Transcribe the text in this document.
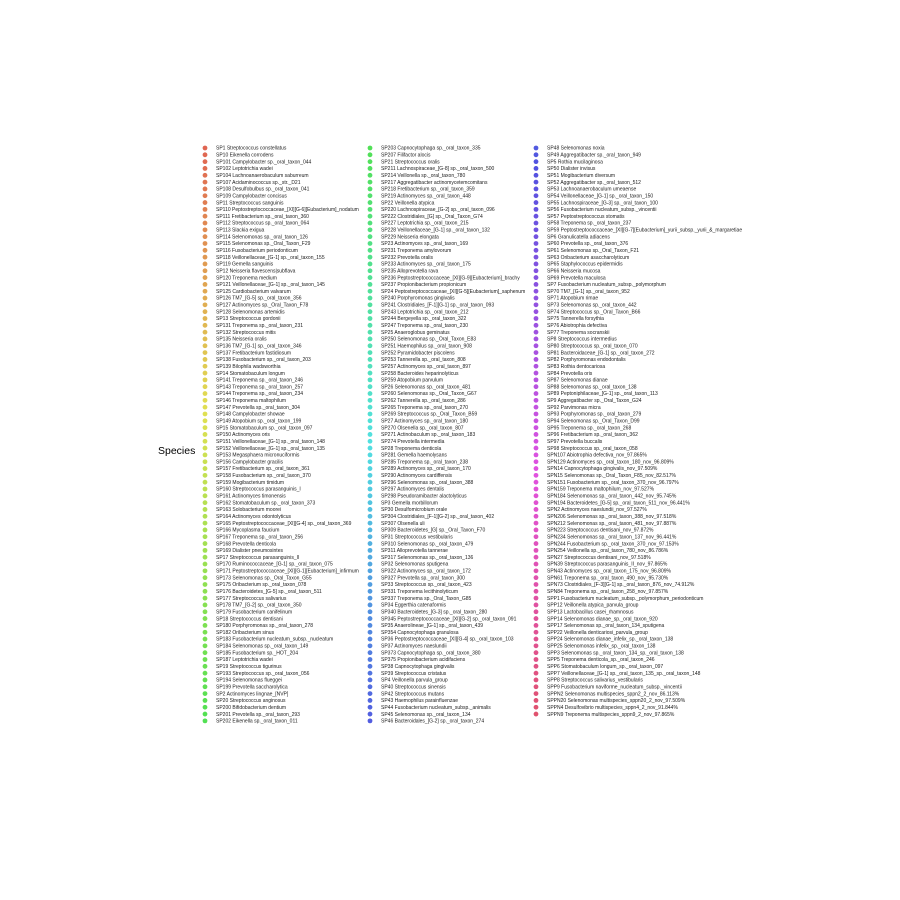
Species
SP1 Streptococcus constellatus
SP10 Eikenella corrodens
SP101 Campylobacter sp._oral_taxon_044
SP102 Leptotrichia wadei
SP104 Lachnoanaerobaculum saburreum
SP107 Acidaminococcus sp._str._D21
SP108 Desulfobulbus sp._oral_taxon_041
SP109 Campylobacter concisus
SP11 Streptococcus sanguinis
SP110 Peptostreptococcaceae_[XI][G-6][Eubacterium]_nodatum
SP111 Fretibacterium sp._oral_taxon_360
SP112 Streptococcus sp._oral_taxon_064
SP113 Slackia exigua
SP114 Selenomonas sp._oral_taxon_126
SP115 Selenomonas sp._Oral_Taxon_F29
SP116 Fusobacterium periodonticum
SP118 Veillonellaceae_[G-1] sp._oral_taxon_155
SP119 Gemella sanguinis
SP12 Neisseria flavescens|subflava
SP120 Treponema medium
SP121 Veillonellaceae_[G-1] sp._oral_taxon_145
SP125 Cardiobacterium valvarum
SP126 TM7_[G-5] sp._oral_taxon_356
SP127 Actinomyces sp._Oral_Taxon_F78
SP128 Selenomonas artemidis
SP13 Streptococcus gordonii
SP131 Treponema sp._oral_taxon_231
SP132 Streptococcus mitis
SP135 Neisseria oralis
SP136 TM7_[G-1] sp._oral_taxon_346
SP137 Fretibacterium fastidiosum
SP138 Fusobacterium sp._oral_taxon_203
SP139 Bilophila wadsworthia
SP14 Stomatobaculum longum
SP141 Treponema sp._oral_taxon_246
SP143 Treponema sp._oral_taxon_257
SP144 Treponema sp._oral_taxon_234
SP146 Treponema maltophilum
SP147 Prevotella sp._oral_taxon_304
SP148 Campylobacter showae
SP149 Atopobium sp._oral_taxon_199
SP15 Stomatobaculum sp._oral_taxon_097
SP150 Actinomyces oris
SP151 Veillonellaceae_[G-1] sp._oral_taxon_148
SP152 Veillonellaceae_[G-1] sp._oral_taxon_135
SP153 Megasphaera micronuciformis
SP156 Campylobacter gracilis
SP157 Fretibacterium sp._oral_taxon_361
SP158 Fusobacterium sp._oral_taxon_370
SP159 Mogibacterium timidum
SP160 Streptococcus parasanguinis_I
SP161 Actinomyces timonensis
SP162 Stomatobaculum sp._oral_taxon_373
SP163 Solobacterium moorei
SP164 Actinomyces odontolyticus
SP165 Peptostreptococcaceae_[XI][G-4] sp._oral_taxon_369
SP166 Mycoplasma faucium
SP167 Treponema sp._oral_taxon_256
SP168 Prevotella denticola
SP169 Dialister pneumosintes
SP17 Streptococcus parasanguinis_II
SP170 Ruminococcaceae_[G-1] sp._oral_taxon_075
SP171 Peptostreptococcaceae_[XI][G-1][Eubacterium]_infirmum
SP173 Selenomonas sp._Oral_Taxon_G55
SP175 Oribacterium sp._oral_taxon_078
SP176 Bacteroidetes_[G-5] sp._oral_taxon_511
SP177 Streptococcus salivarius
SP178 TM7_[G-2] sp._oral_taxon_350
SP179 Fusobacterium canifelinum
SP18 Streptococcus dentisani
SP180 Porphyromonas sp._oral_taxon_278
SP182 Oribacterium sinus
SP183 Fusobacterium nucleatum_subsp._nucleatum
SP184 Selenomonas sp._oral_taxon_149
SP185 Fusobacterium sp._HOT_204
SP187 Leptotrichia wadei
SP19 Streptococcus tigurinus
SP193 Streptococcus sp._oral_taxon_056
SP194 Selenomonas flueggei
SP199 Prevotella saccharolytica
SP2 Actinomyces lingnae_[NVP]
SP20 Streptococcus anginosus
SP200 Bifidobacterium dentium
SP201 Prevotella sp._oral_taxon_293
SP202 Eikenella sp._oral_taxon_011
SP203 Capnocytophaga sp._oral_taxon_335
SP207 Filifactor alocis
SP21 Streptococcus oralis
SP211 Lachnospiraceae_[G-8] sp._oral_taxon_500
SP214 Veillonella sp._oral_taxon_780
SP217 Aggregatibacter actinomycetemcomitans
SP218 Fretibacterium sp._oral_taxon_359
SP219 Actinomyces sp._oral_taxon_448
SP22 Veillonella atypica
SP220 Lachnospiraceae_[G-2] sp._oral_taxon_096
SP222 Clostridiales_[G] sp._Oral_Taxon_G74
SP227 Leptotrichia sp._oral_taxon_215
SP228 Veillonellaceae_[G-1] sp._oral_taxon_132
SP229 Neisseria elongata
SP23 Actinomyces sp._oral_taxon_169
SP231 Treponema amylovorum
SP232 Prevotella oralis
SP233 Actinomyces sp._oral_taxon_175
SP235 Alloprevotella rava
SP236 Peptostreptococcaceae_[XI][G-9][Eubacterium]_brachy
SP237 Propionibacterium propionicum
SP24 Peptostreptococcaceae_[XI][G-5][Eubacterium]_saphenum
SP240 Porphyromonas gingivalis
SP241 Clostridiales_[F-1][G-1] sp._oral_taxon_093
SP243 Leptotrichia sp._oral_taxon_212
SP244 Bergeyella sp._oral_taxon_322
SP247 Treponema sp._oral_taxon_230
SP25 Anaeroglobus geminatus
SP250 Selenomonas sp._Oral_Taxon_E83
SP251 Haemophilus sp._oral_taxon_908
SP252 Pyramidobacter piscolens
SP253 Tannerella sp._oral_taxon_808
SP257 Actinomyces sp._oral_taxon_897
SP258 Bacteroides heparinolyticus
SP259 Atopobium parvulum
SP26 Selenomonas sp._oral_taxon_481
SP260 Selenomonas sp._Oral_Taxon_G67
SP262 Tannerella sp._oral_taxon_286
SP265 Treponema sp._oral_taxon_270
SP269 Streptococcus sp._Oral_Taxon_B59
SP27 Actinomyces sp._oral_taxon_180
SP270 Olsenella sp._oral_taxon_807
SP271 Actinobaculum sp._oral_taxon_183
SP274 Prevotella intermedia
SP28 Treponema denticola
SP281 Gemella haemolysans
SP285 Treponema sp._oral_taxon_238
SP289 Actinomyces sp._oral_taxon_170
SP290 Actinomyces cardiffensis
SP296 Selenomonas sp._oral_taxon_388
SP297 Actinomyces dentalis
SP298 Pseudoramibacter alactolyticus
SP3 Gemella morbillorum
SP30 Desulfomicrobium orale
SP304 Clostridiales_[F-1][G-2] sp._oral_taxon_402
SP307 Olsenella uli
SP309 Bacteroidetes_[G] sp._Oral_Taxon_F70
SP31 Streptococcus vestibularis
SP310 Selenomonas sp._oral_taxon_479
SP311 Alloprevotella tannerae
SP317 Selenomonas sp._oral_taxon_136
SP32 Selenomonas sputigena
SP322 Actinomyces sp._oral_taxon_172
SP327 Prevotella sp._oral_taxon_300
SP33 Streptococcus sp._oral_taxon_423
SP331 Treponema lecithinolyticum
SP337 Treponema sp._Oral_Taxon_G85
SP34 Eggerthia catenaformis
SP340 Bacteroidetes_[G-3] sp._oral_taxon_280
SP345 Peptostreptococcaceae_[XI][G-2] sp._oral_taxon_091
SP35 Anaerolineae_[G-1] sp._oral_taxon_439
SP354 Capnocytophaga granulosa
SP36 Peptostreptococcaceae_[XI][G-4] sp._oral_taxon_103
SP37 Actinomyces naeslundii
SP373 Capnocytophaga sp._oral_taxon_380
SP375 Propionibacterium acidifaciens
SP38 Capnocytophaga gingivalis
SP39 Streptococcus cristatus
SP4 Veillonella parvula_group
SP40 Streptococcus sinensis
SP42 Streptococcus mutans
SP43 Haemophilus parainfluenzae
SP44 Fusobacterium nucleatum_subsp._animalis
SP45 Selenomonas sp._oral_taxon_134
SP46 Bacteroidales_[G-2] sp._oral_taxon_274
SP48 Selenomonas noxia
SP49 Aggregatibacter sp._oral_taxon_949
SP5 Rothia mucilaginosa
SP50 Dialister invisus
SP51 Mogibacterium diversum
SP52 Aggregatibacter sp._oral_taxon_512
SP53 Lachnoanaerobaculum umeaense
SP54 Veillonellaceae_[G-1] sp._oral_taxon_150
SP55 Lachnospiraceae_[G-3] sp._oral_taxon_100
SP56 Fusobacterium nucleatum_subsp._vincentii
SP57 Peptostreptococcus stomatis
SP58 Treponema sp._oral_taxon_237
SP59 Peptostreptococcaceae_[XI][G-7][Eubacterium]_yurii_subsp._yurii_&_margaretiae
SP6 Granulicatella adiacens
SP60 Prevotella sp._oral_taxon_376
SP61 Selenomonas sp._Oral_Taxon_F21
SP63 Oribacterium asaccharolyticum
SP65 Staphylococcus epidermidis
SP66 Neisseria mucosa
SP69 Prevotella maculosa
SP7 Fusobacterium nucleatum_subsp._polymorphum
SP70 TM7_[G-1] sp._oral_taxon_952
SP71 Atopobium rimae
SP73 Selenomonas sp._oral_taxon_442
SP74 Streptococcus sp._Oral_Taxon_B66
SP75 Tannerella forsythia
SP76 Abiotrophia defectiva
SP77 Treponema socranskii
SP8 Streptococcus intermedius
SP80 Streptococcus sp._oral_taxon_070
SP81 Bacteroidaceae_[G-1] sp._oral_taxon_272
SP82 Porphyromonas endodontalis
SP83 Rothia dentocariosa
SP84 Prevotella oris
SP87 Selenomonas dianae
SP88 Selenomonas sp._oral_taxon_138
SP89 Peptoniphilaceae_[G-1] sp._oral_taxon_113
SP9 Aggregatibacter sp._Oral_Taxon_G24
SP92 Parvimonas micra
SP93 Porphyromonas sp._oral_taxon_279
SP94 Selenomonas sp._Oral_Taxon_D99
SP95 Treponema sp._oral_taxon_268
SP96 Fretibacterium sp._oral_taxon_362
SP97 Prevotella buccalis
SP98 Streptococcus sp._oral_taxon_058
SPN107 Abiotrophia defectiva_nov_97.865%
SPN129 Actinomyces sp._oral_taxon_180_nov_96.809%
SPN14 Capnocytophaga gingivalis_nov_97.509%
SPN15 Selenomonas sp._Oral_Taxon_F85_nov_82.517%
SPN151 Fusobacterium sp._oral_taxon_370_nov_96.797%
SPN159 Treponema maltophilum_nov_97.527%
SPN184 Selenomonas sp._oral_taxon_442_nov_95.745%
SPN194 Bacteroidetes_[G-5] sp._oral_taxon_511_nov_96.441%
SPN2 Actinomyces naeslundii_nov_97.527%
SPN206 Selenomonas sp._oral_taxon_388_nov_97.518%
SPN212 Selenomonas sp._oral_taxon_481_nov_97.887%
SPN223 Streptococcus dentisani_nov_97.872%
SPN234 Selenomonas sp._oral_taxon_137_nov_96.441%
SPN244 Fusobacterium sp._oral_taxon_370_nov_97.153%
SPN254 Veillonella sp._oral_taxon_780_nov_86.786%
SPN27 Streptococcus dentisani_nov_97.518%
SPN39 Streptococcus parasanguinis_II_nov_97.865%
SPN43 Actinomyces sp._oral_taxon_175_nov_96.809%
SPN61 Treponema sp._oral_taxon_490_nov_95.730%
SPN73 Clostridiales_[F-3][G-1] sp._oral_taxon_876_nov_74.912%
SPN84 Treponema sp._oral_taxon_258_nov_97.857%
SPP1 Fusobacterium nucleatum_subsp._polymorphum_periodonticum
SPP12 Veillonella atypica_parvula_group
SPP13 Lactobacillus casei_rhamnosus
SPP14 Selenomonas dianae_sp._oral_taxon_920
SPP17 Selenomonas sp._oral_taxon_134_sputigena
SPP22 Veillonella denticariosi_parvula_group
SPP24 Selenomonas dianae_infelix_sp._oral_taxon_138
SPP25 Selenomonas infelix_sp._oral_taxon_138
SPP3 Selenomonas sp._oral_taxon_134_sp._oral_taxon_138
SPP5 Treponema denticola_sp._oral_taxon_246
SPP6 Stomatobaculum longum_sp._oral_taxon_097
SPP7 Veillonellaceae_[G-1] sp._oral_taxon_135_sp._oral_taxon_148
SPP8 Streptococcus salivarius_vestibularis
SPP9 Fusobacterium naviforme_nucleatum_subsp._vincentii
SPPN2 Selenomonas multispecies_sppn2_2_nov_86.113%
SPPN20 Selenomonas multispecies_sppn20_2_nov_97.509%
SPPN4 Desulfovibrio multispecies_sppn4_2_nov_91.844%
SPPN9 Treponema multispecies_sppn9_2_nov_97.865%
